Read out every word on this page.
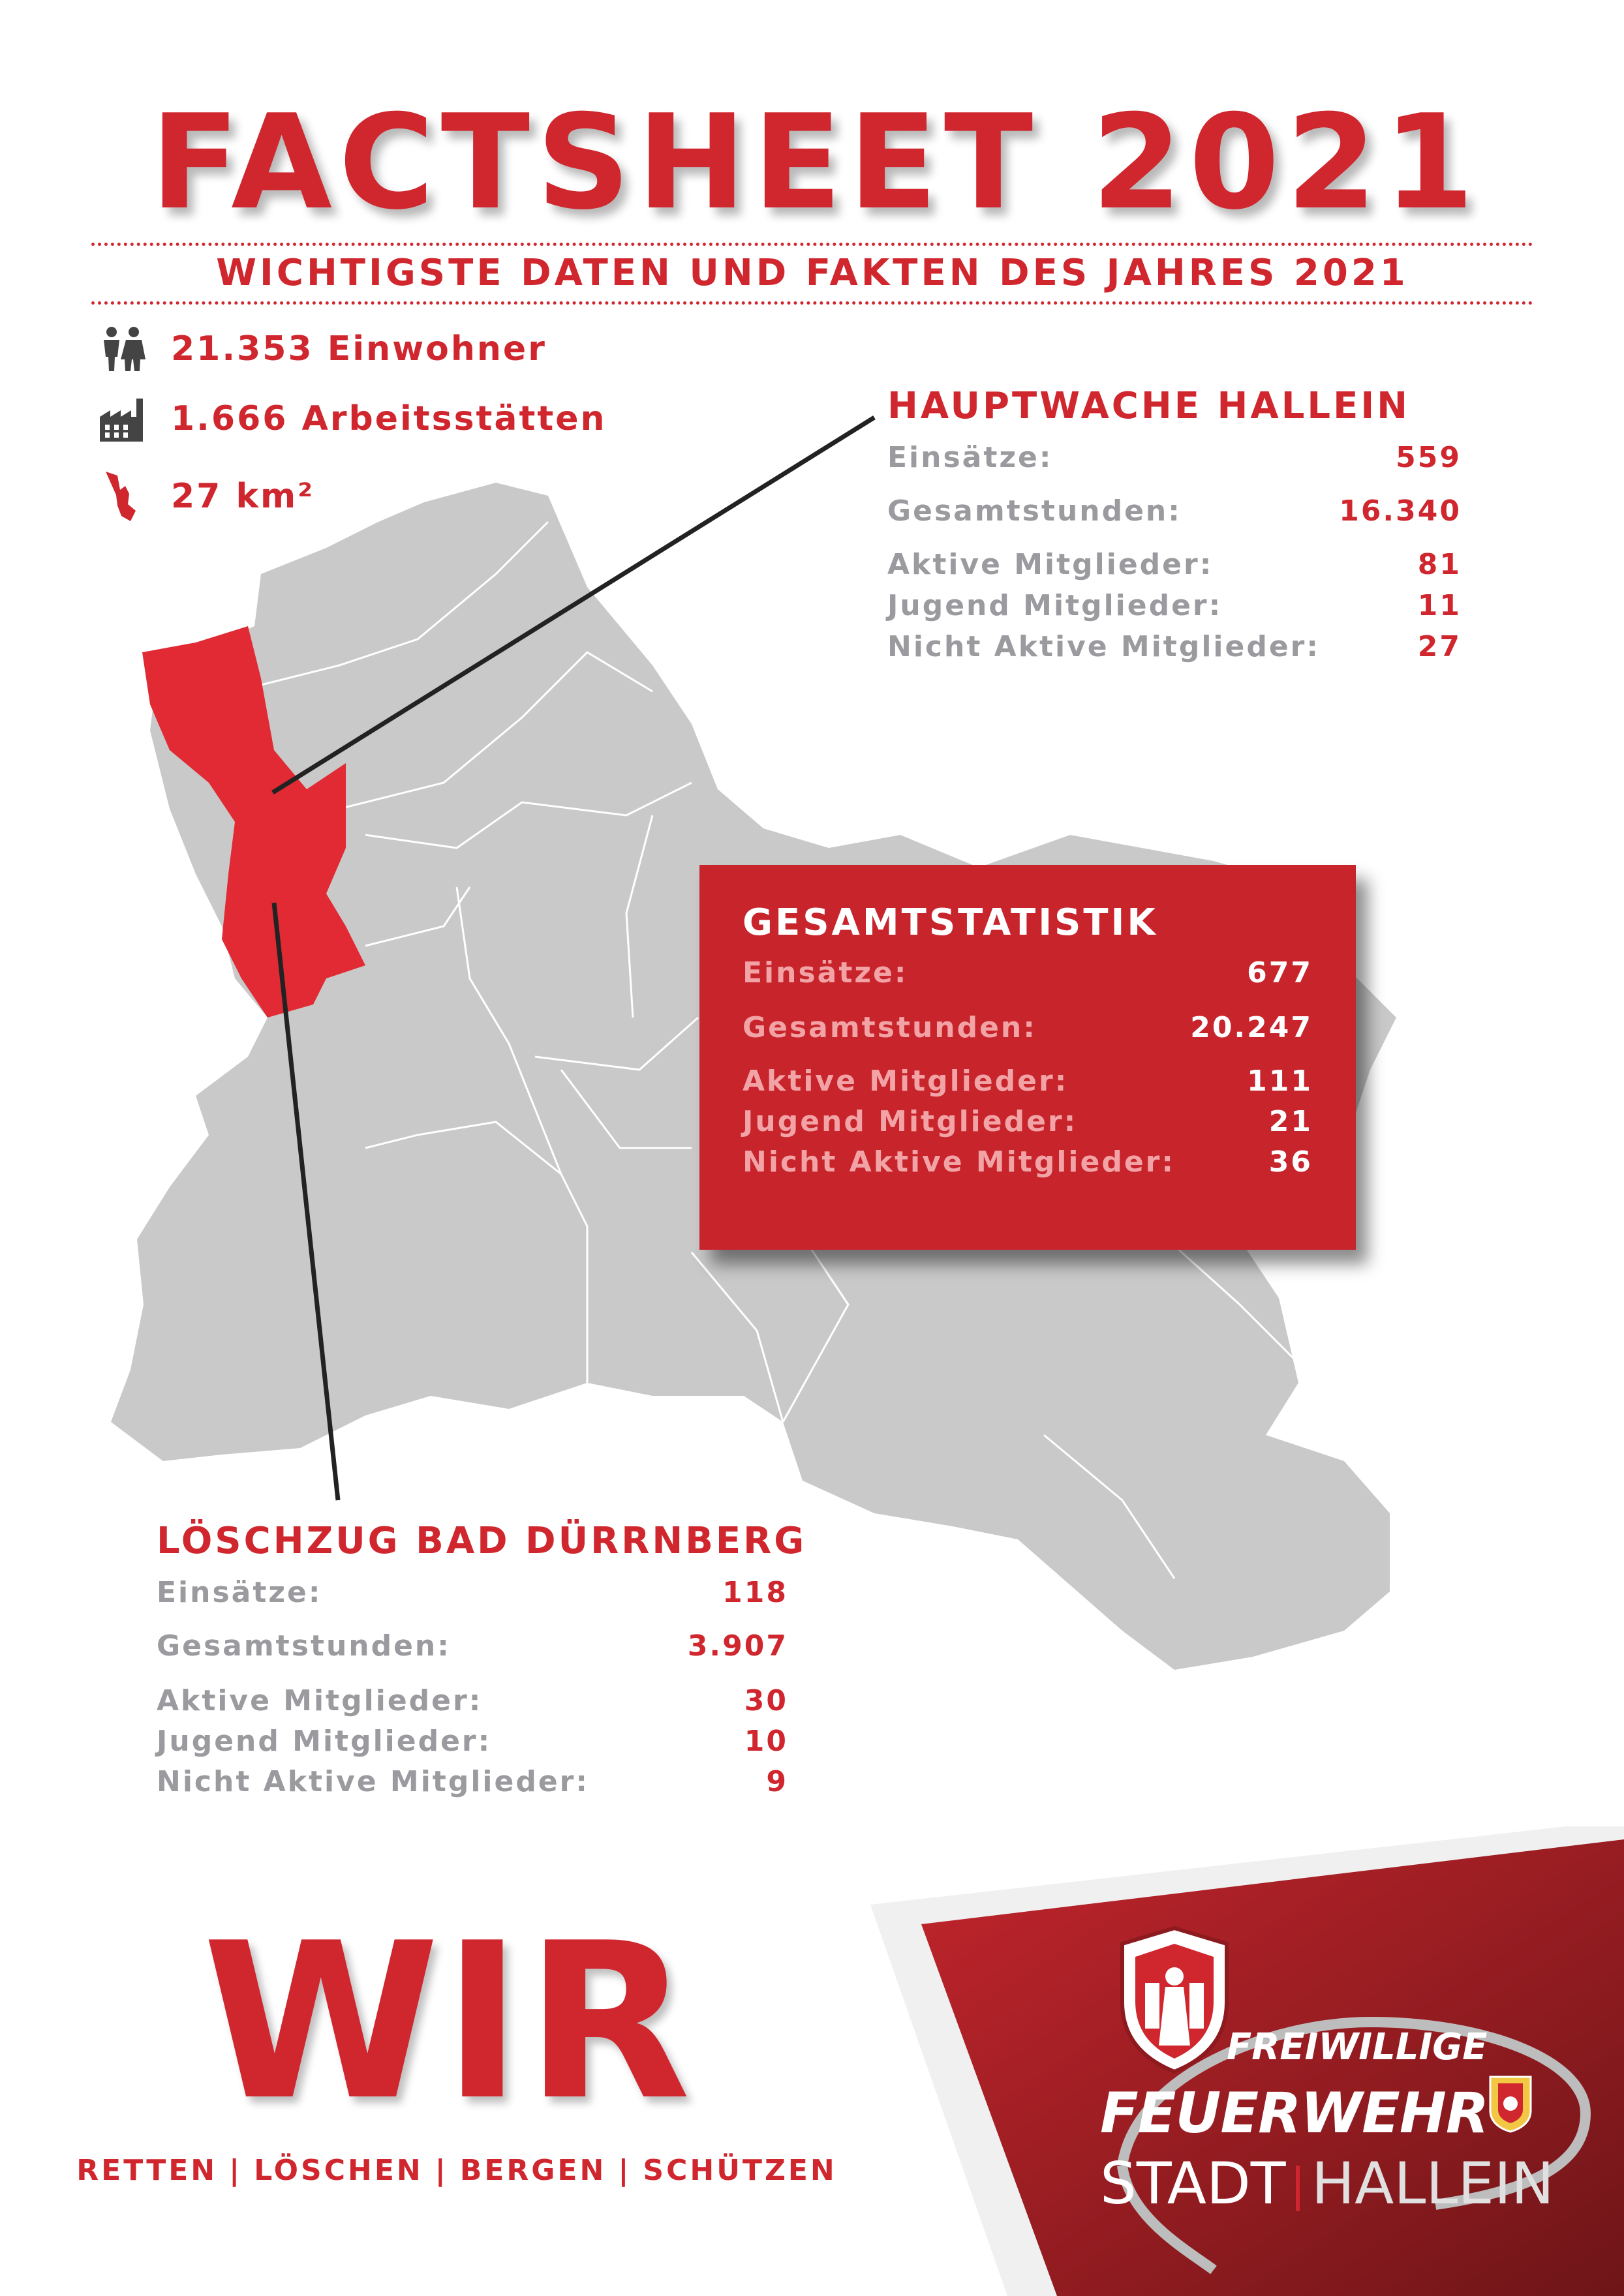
FACTSHEET 2021
WICHTIGSTE DATEN UND FAKTEN DES JAHRES 2021
21.353 Einwohner
1.666 Arbeitsstätten
27 km²
HAUPTWACHE HALLEIN
Einsätze:	559
Gesamtstunden:	16.340
Aktive Mitglieder:	81
Jugend Mitglieder:	11
Nicht Aktive Mitglieder:	27
GESAMTSTATISTIK
Einsätze:	677
Gesamtstunden:	20.247
Aktive Mitglieder:	111
Jugend Mitglieder:	21
Nicht Aktive Mitglieder:	36
LÖSCHZUG BAD DÜRRNBERG
Einsätze:	118
Gesamtstunden:	3.907
Aktive Mitglieder:	30
Jugend Mitglieder:	10
Nicht Aktive Mitglieder:	9
WIR
RETTEN | LÖSCHEN | BERGEN | SCHÜTZEN
FREIWILLIGE
FEUERWEHR
STADT HALLEIN
